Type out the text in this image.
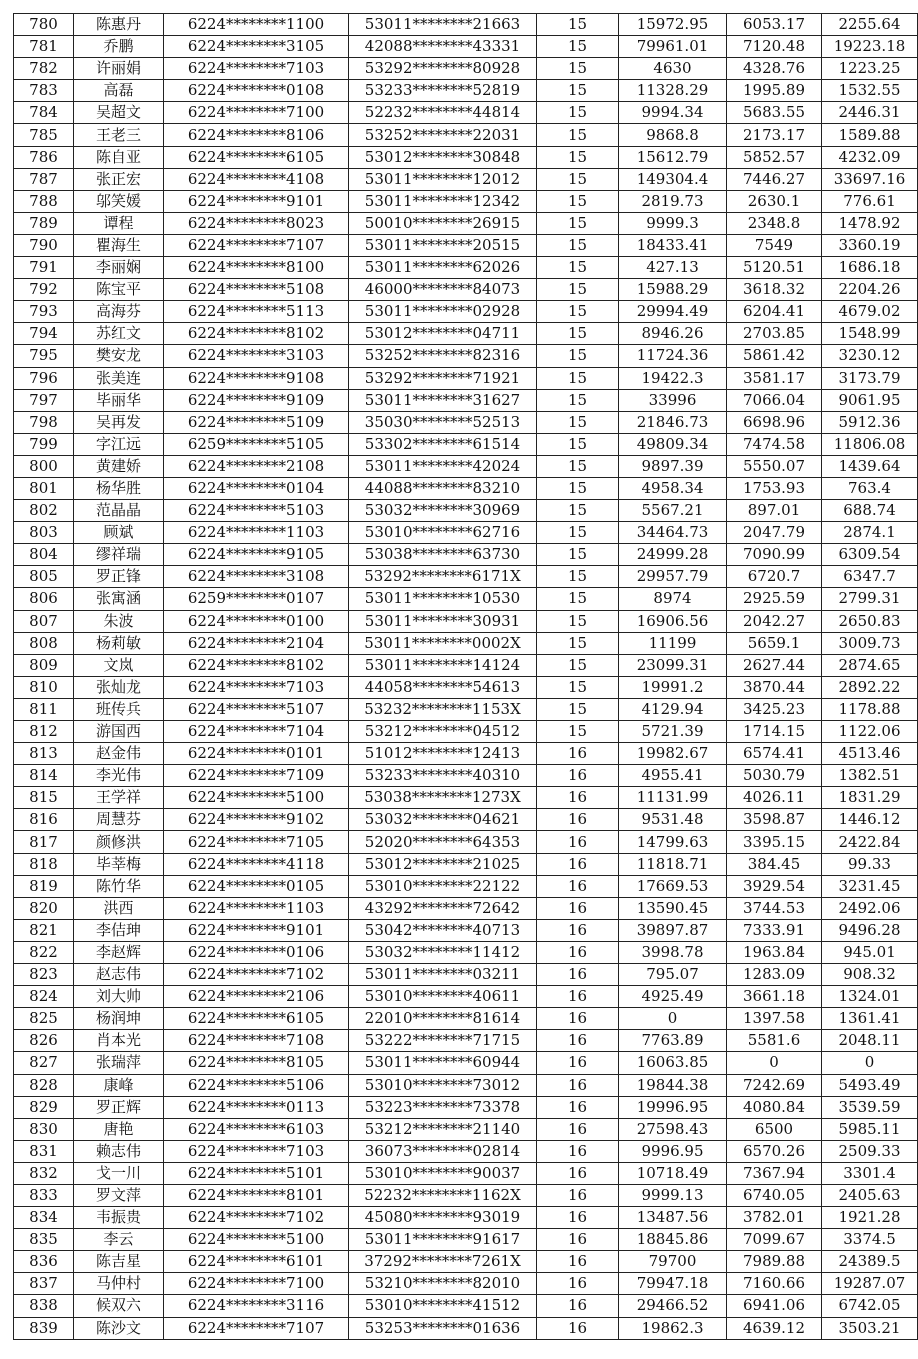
780	陈惠丹	6224********1100	53011********21663	15	15972.95	6053.17	2255.64
781	乔鹏	6224********3105	42088********43331	15	79961.01	7120.48	19223.18
782	许丽娟	6224********7103	53292********80928	15	4630	4328.76	1223.25
783	高磊	6224********0108	53233********52819	15	11328.29	1995.89	1532.55
784	吴超文	6224********7100	52232********44814	15	9994.34	5683.55	2446.31
785	王老三	6224********8106	53252********22031	15	9868.8	2173.17	1589.88
786	陈自亚	6224********6105	53012********30848	15	15612.79	5852.57	4232.09
787	张正宏	6224********4108	53011********12012	15	149304.4	7446.27	33697.16
788	邬笑媛	6224********9101	53011********12342	15	2819.73	2630.1	776.61
789	谭程	6224********8023	50010********26915	15	9999.3	2348.8	1478.92
790	瞿海生	6224********7107	53011********20515	15	18433.41	7549	3360.19
791	李丽娴	6224********8100	53011********62026	15	427.13	5120.51	1686.18
792	陈宝平	6224********5108	46000********84073	15	15988.29	3618.32	2204.26
793	高海芬	6224********5113	53011********02928	15	29994.49	6204.41	4679.02
794	苏红文	6224********8102	53012********04711	15	8946.26	2703.85	1548.99
795	樊安龙	6224********3103	53252********82316	15	11724.36	5861.42	3230.12
796	张美连	6224********9108	53292********71921	15	19422.3	3581.17	3173.79
797	毕丽华	6224********9109	53011********31627	15	33996	7066.04	9061.95
798	吴再发	6224********5109	35030********52513	15	21846.73	6698.96	5912.36
799	字江远	6259********5105	53302********61514	15	49809.34	7474.58	11806.08
800	黄建娇	6224********2108	53011********42024	15	9897.39	5550.07	1439.64
801	杨华胜	6224********0104	44088********83210	15	4958.34	1753.93	763.4
802	范晶晶	6224********5103	53032********30969	15	5567.21	897.01	688.74
803	顾斌	6224********1103	53010********62716	15	34464.73	2047.79	2874.1
804	缪祥瑞	6224********9105	53038********63730	15	24999.28	7090.99	6309.54
805	罗正锋	6224********3108	53292********6171X	15	29957.79	6720.7	6347.7
806	张寓涵	6259********0107	53011********10530	15	8974	2925.59	2799.31
807	朱波	6224********0100	53011********30931	15	16906.56	2042.27	2650.83
808	杨莉敏	6224********2104	53011********0002X	15	11199	5659.1	3009.73
809	文岚	6224********8102	53011********14124	15	23099.31	2627.44	2874.65
810	张灿龙	6224********7103	44058********54613	15	19991.2	3870.44	2892.22
811	班传兵	6224********5107	53232********1153X	15	4129.94	3425.23	1178.88
812	游国西	6224********7104	53212********04512	15	5721.39	1714.15	1122.06
813	赵金伟	6224********0101	51012********12413	16	19982.67	6574.41	4513.46
814	李光伟	6224********7109	53233********40310	16	4955.41	5030.79	1382.51
815	王学祥	6224********5100	53038********1273X	16	11131.99	4026.11	1831.29
816	周慧芬	6224********9102	53032********04621	16	9531.48	3598.87	1446.12
817	颜修洪	6224********7105	52020********64353	16	14799.63	3395.15	2422.84
818	毕莘梅	6224********4118	53012********21025	16	11818.71	384.45	99.33
819	陈竹华	6224********0105	53010********22122	16	17669.53	3929.54	3231.45
820	洪西	6224********1103	43292********72642	16	13590.45	3744.53	2492.06
821	李佶珅	6224********9101	53042********40713	16	39897.87	7333.91	9496.28
822	李赵辉	6224********0106	53032********11412	16	3998.78	1963.84	945.01
823	赵志伟	6224********7102	53011********03211	16	795.07	1283.09	908.32
824	刘大帅	6224********2106	53010********40611	16	4925.49	3661.18	1324.01
825	杨润坤	6224********6105	22010********81614	16	0	1397.58	1361.41
826	肖本光	6224********7108	53222********71715	16	7763.89	5581.6	2048.11
827	张瑞萍	6224********8105	53011********60944	16	16063.85	0	0
828	康峰	6224********5106	53010********73012	16	19844.38	7242.69	5493.49
829	罗正辉	6224********0113	53223********73378	16	19996.95	4080.84	3539.59
830	唐艳	6224********6103	53212********21140	16	27598.43	6500	5985.11
831	赖志伟	6224********7103	36073********02814	16	9996.95	6570.26	2509.33
832	戈一川	6224********5101	53010********90037	16	10718.49	7367.94	3301.4
833	罗文萍	6224********8101	52232********1162X	16	9999.13	6740.05	2405.63
834	韦振贵	6224********7102	45080********93019	16	13487.56	3782.01	1921.28
835	李云	6224********5100	53011********91617	16	18845.86	7099.67	3374.5
836	陈吉星	6224********6101	37292********7261X	16	79700	7989.88	24389.5
837	马仲村	6224********7100	53210********82010	16	79947.18	7160.66	19287.07
838	候双六	6224********3116	53010********41512	16	29466.52	6941.06	6742.05
839	陈沙文	6224********7107	53253********01636	16	19862.3	4639.12	3503.21
